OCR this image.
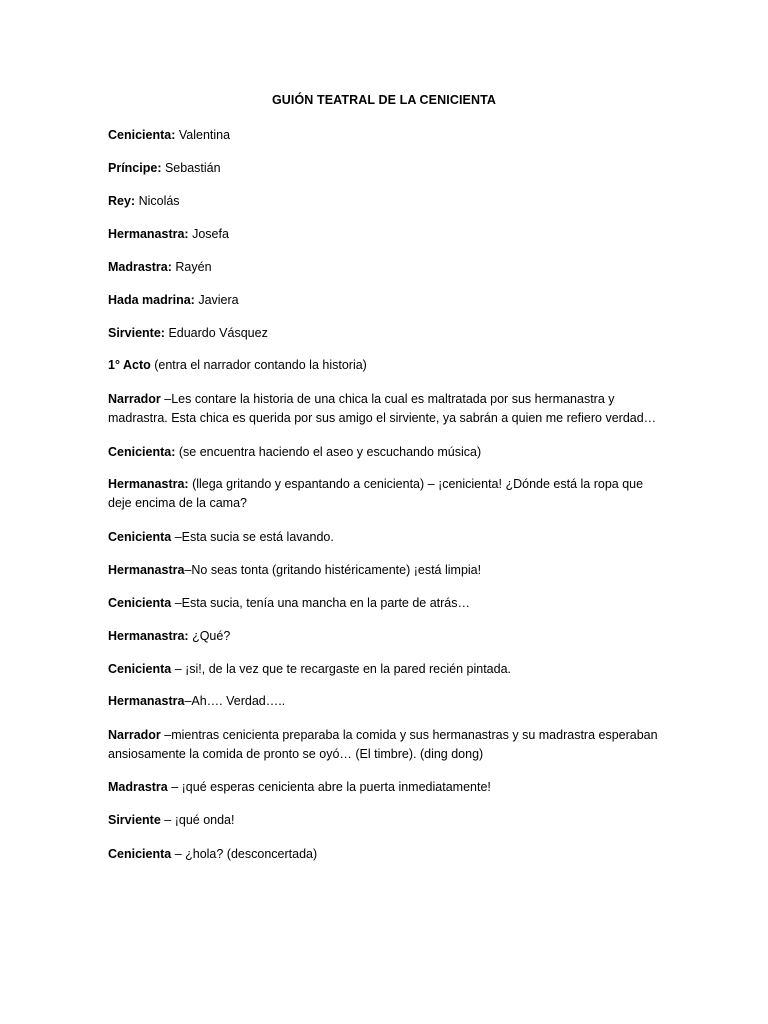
GUIÓN TEATRAL DE LA CENICIENTA
Cenicienta: Valentina
Príncipe: Sebastián
Rey: Nicolás
Hermanastra: Josefa
Madrastra: Rayén
Hada madrina: Javiera
Sirviente: Eduardo Vásquez
1° Acto (entra el narrador contando la historia)
Narrador –Les contare la historia de una chica la cual es maltratada por sus hermanastra y madrastra. Esta chica es querida por sus amigo el sirviente, ya sabrán a quien me refiero verdad…
Cenicienta: (se encuentra haciendo el aseo y escuchando música)
Hermanastra: (llega gritando y espantando a cenicienta) – ¡cenicienta! ¿Dónde está la ropa que deje encima de la cama?
Cenicienta –Esta sucia se está lavando.
Hermanastra–No seas tonta (gritando histéricamente) ¡está limpia!
Cenicienta –Esta sucia, tenía una mancha en la parte de atrás…
Hermanastra: ¿Qué?
Cenicienta – ¡si!, de la vez que te recargaste en la pared recién pintada.
Hermanastra–Ah…. Verdad…..
Narrador –mientras cenicienta preparaba la comida y sus hermanastras y su madrastra esperaban ansiosamente la comida de pronto se oyó… (El timbre). (ding dong)
Madrastra – ¡qué esperas cenicienta abre la puerta inmediatamente!
Sirviente – ¡qué onda!
Cenicienta – ¿hola? (desconcertada)
